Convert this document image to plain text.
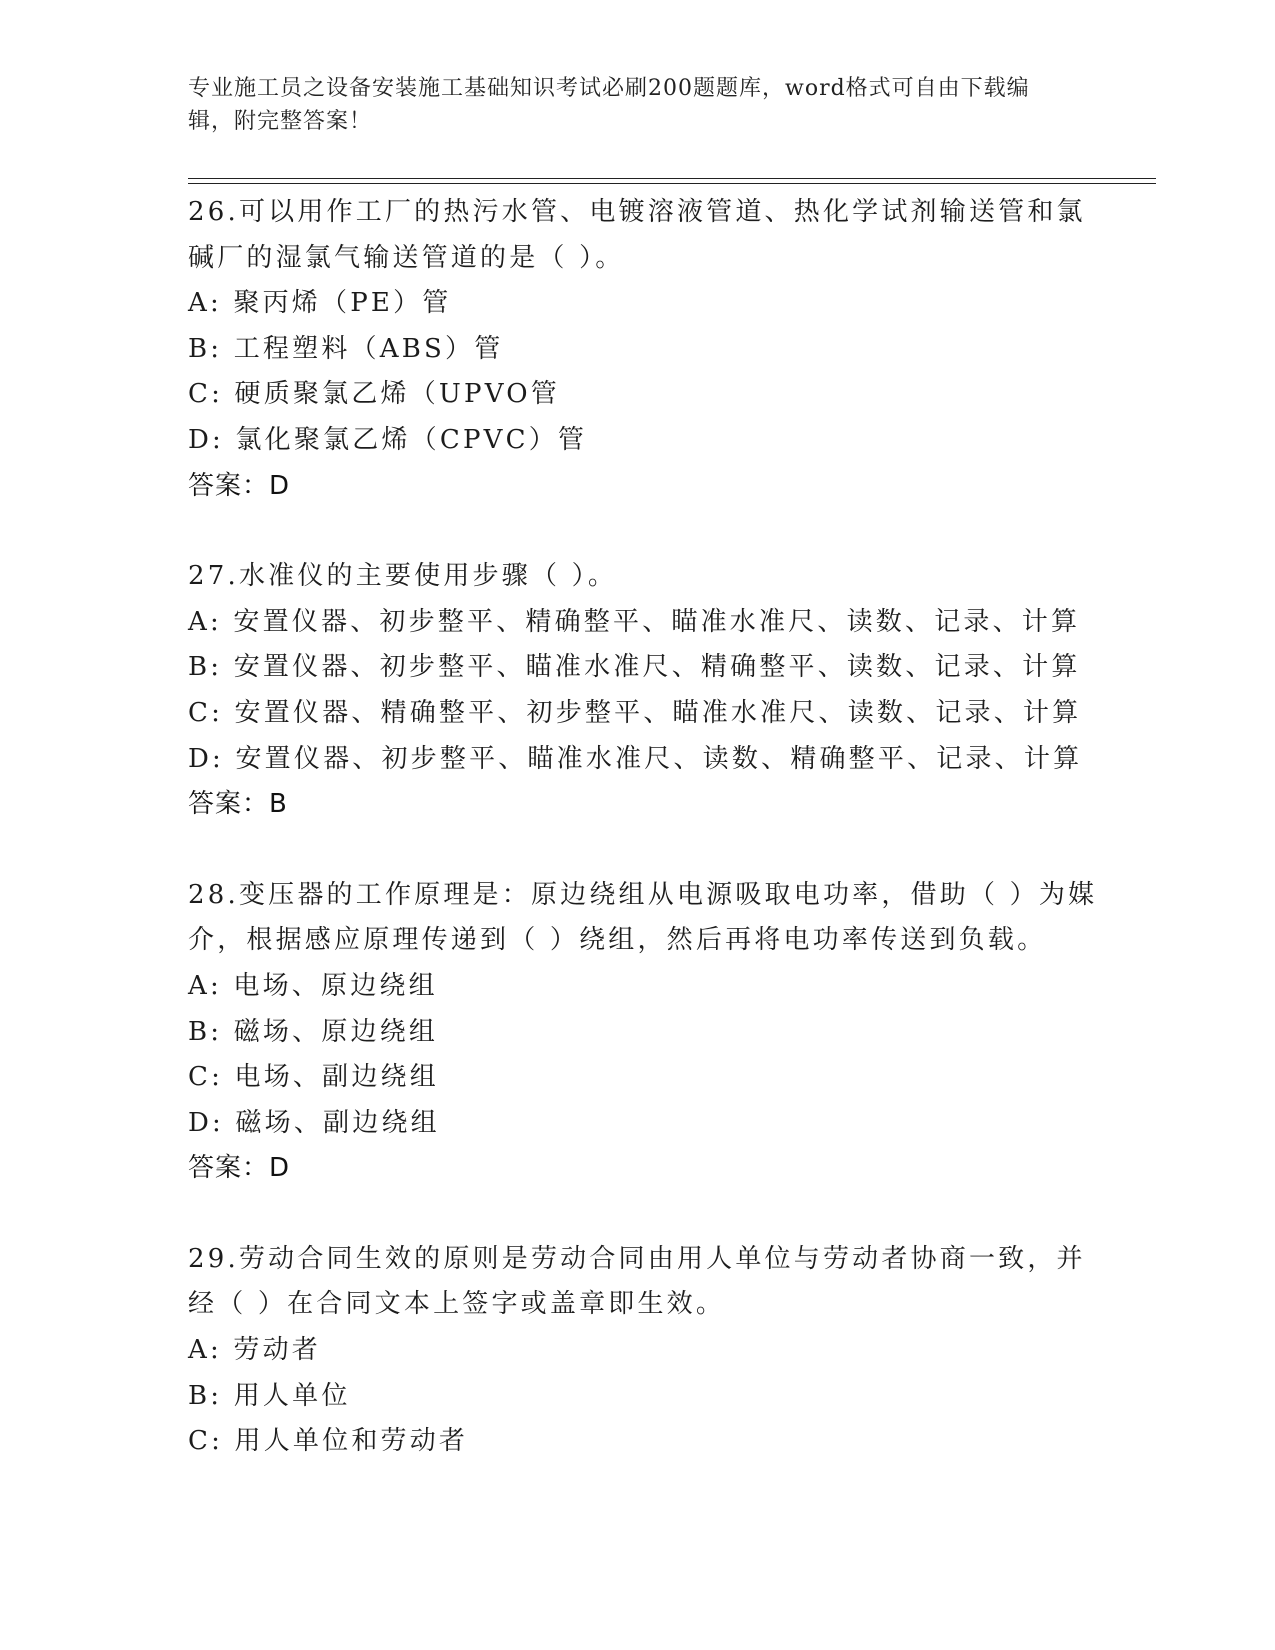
专业施工员之设备安装施工基础知识考试必刷200题题库，word格式可自由下载编辑，附完整答案！
26.可以用作工厂的热污水管、电镀溶液管道、热化学试剂输送管和氯碱厂的湿氯气输送管道的是（ ）。
A: 聚丙烯（PE）管
B: 工程塑料（ABS）管
C: 硬质聚氯乙烯（UPVO管
D: 氯化聚氯乙烯（CPVC）管
答案：D
27.水准仪的主要使用步骤（ ）。
A: 安置仪器、初步整平、精确整平、瞄准水准尺、读数、记录、计算
B: 安置仪器、初步整平、瞄准水准尺、精确整平、读数、记录、计算
C: 安置仪器、精确整平、初步整平、瞄准水准尺、读数、记录、计算
D: 安置仪器、初步整平、瞄准水准尺、读数、精确整平、记录、计算
答案：B
28.变压器的工作原理是：原边绕组从电源吸取电功率，借助（ ）为媒介，根据感应原理传递到（ ）绕组，然后再将电功率传送到负载。
A: 电场、原边绕组
B: 磁场、原边绕组
C: 电场、副边绕组
D: 磁场、副边绕组
答案：D
29.劳动合同生效的原则是劳动合同由用人单位与劳动者协商一致，并经（ ）在合同文本上签字或盖章即生效。
A: 劳动者
B: 用人单位
C: 用人单位和劳动者
